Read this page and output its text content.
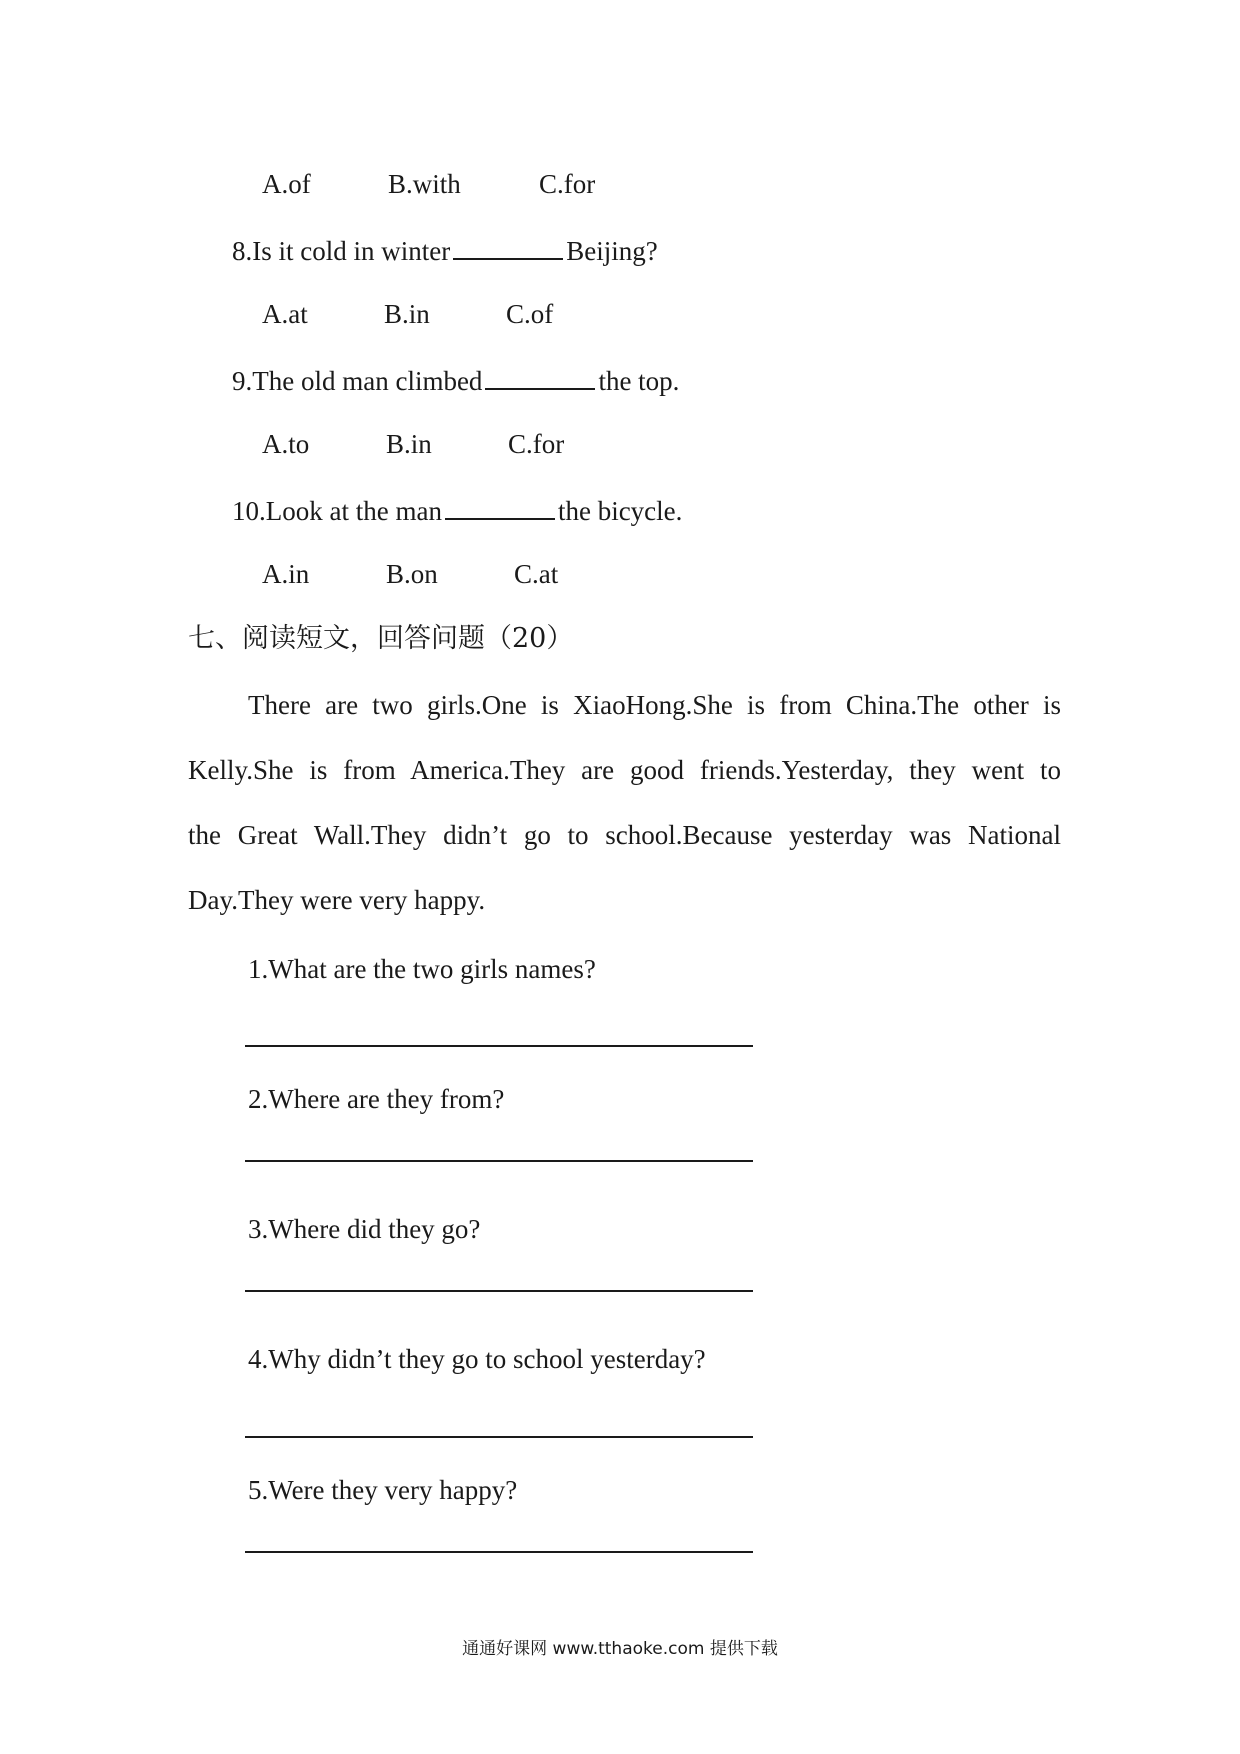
A.of	B.with	C.for
8.Is it cold in winter	Beijing?
A.at	B.in	C.of
9.The old man climbed	the top.
A.to	B.in	C.for
10.Look at the man	the bicycle.
A.in	B.on	C.at
七、阅读短文，回答问题（20）
There are two girls.One is XiaoHong.She is from China.The other is
Kelly.She is from America.They are good friends.Yesterday, they went to
the Great Wall.They didn’t go to school.Because yesterday was National
Day.They were very happy.
1.What are the two girls names?
2.Where are they from?
3.Where did they go?
4.Why didn’t they go to school yesterday?
5.Were they very happy?
通通好课网 www.tthaoke.com 提供下载
